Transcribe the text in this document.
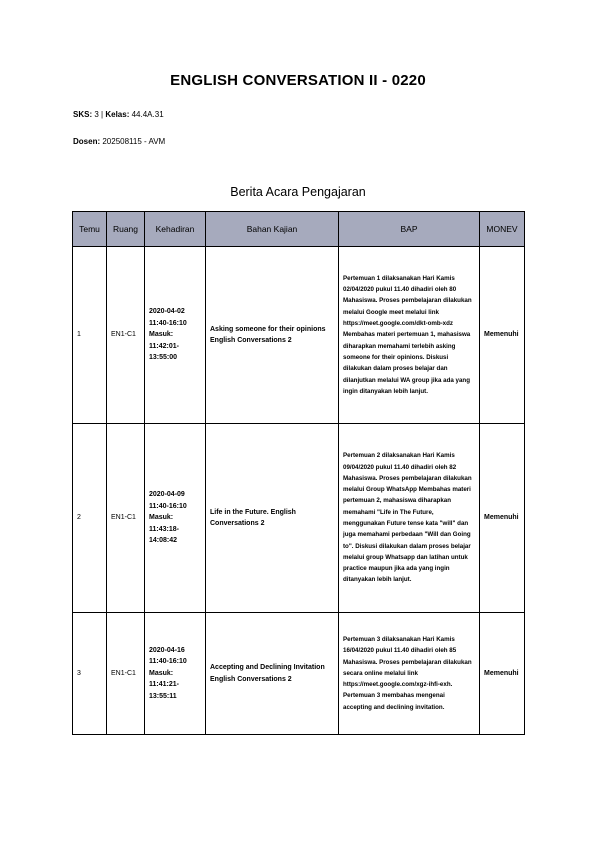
ENGLISH CONVERSATION II - 0220
SKS: 3 | Kelas: 44.4A.31
Dosen: 202508115 - AVM
Berita Acara Pengajaran
Temu	Ruang	Kehadiran	Bahan Kajian	BAP	MONEV
1	EN1-C1	2020-04-02 11:40-16:10 Masuk: 11:42:01-13:55:00	Asking someone for their opinions English Conversations 2	Pertemuan 1 dilaksanakan Hari Kamis 02/04/2020 pukul 11.40 dihadiri oleh 80 Mahasiswa. Proses pembelajaran dilakukan melalui Google meet melalui link https://meet.google.com/dkt-omb-xdz Membahas materi pertemuan 1, mahasiswa diharapkan memahami terlebih asking someone for their opinions. Diskusi dilakukan dalam proses belajar dan dilanjutkan melalui WA group jika ada yang ingin ditanyakan lebih lanjut.	Memenuhi
2	EN1-C1	2020-04-09 11:40-16:10 Masuk: 11:43:18-14:08:42	Life in the Future. English Conversations 2	Pertemuan 2 dilaksanakan Hari Kamis 09/04/2020 pukul 11.40 dihadiri oleh 82 Mahasiswa. Proses pembelajaran dilakukan melalui Group WhatsApp Membahas materi pertemuan 2, mahasiswa diharapkan memahami "Life in The Future, menggunakan Future tense kata "will" dan juga memahami perbedaan "Will dan Going to". Diskusi dilakukan dalam proses belajar melalui group Whatsapp dan latihan untuk practice maupun jika ada yang ingin ditanyakan lebih lanjut.	Memenuhi
3	EN1-C1	2020-04-16 11:40-16:10 Masuk: 11:41:21-13:55:11	Accepting and Declining Invitation English Conversations 2	Pertemuan 3 dilaksanakan Hari Kamis 16/04/2020 pukul 11.40 dihadiri oleh 85 Mahasiswa. Proses pembelajaran dilakukan secara online melalui link https://meet.google.com/xgz-ihfi-exh. Pertemuan 3 membahas mengenai accepting and declining invitation.	Memenuhi
